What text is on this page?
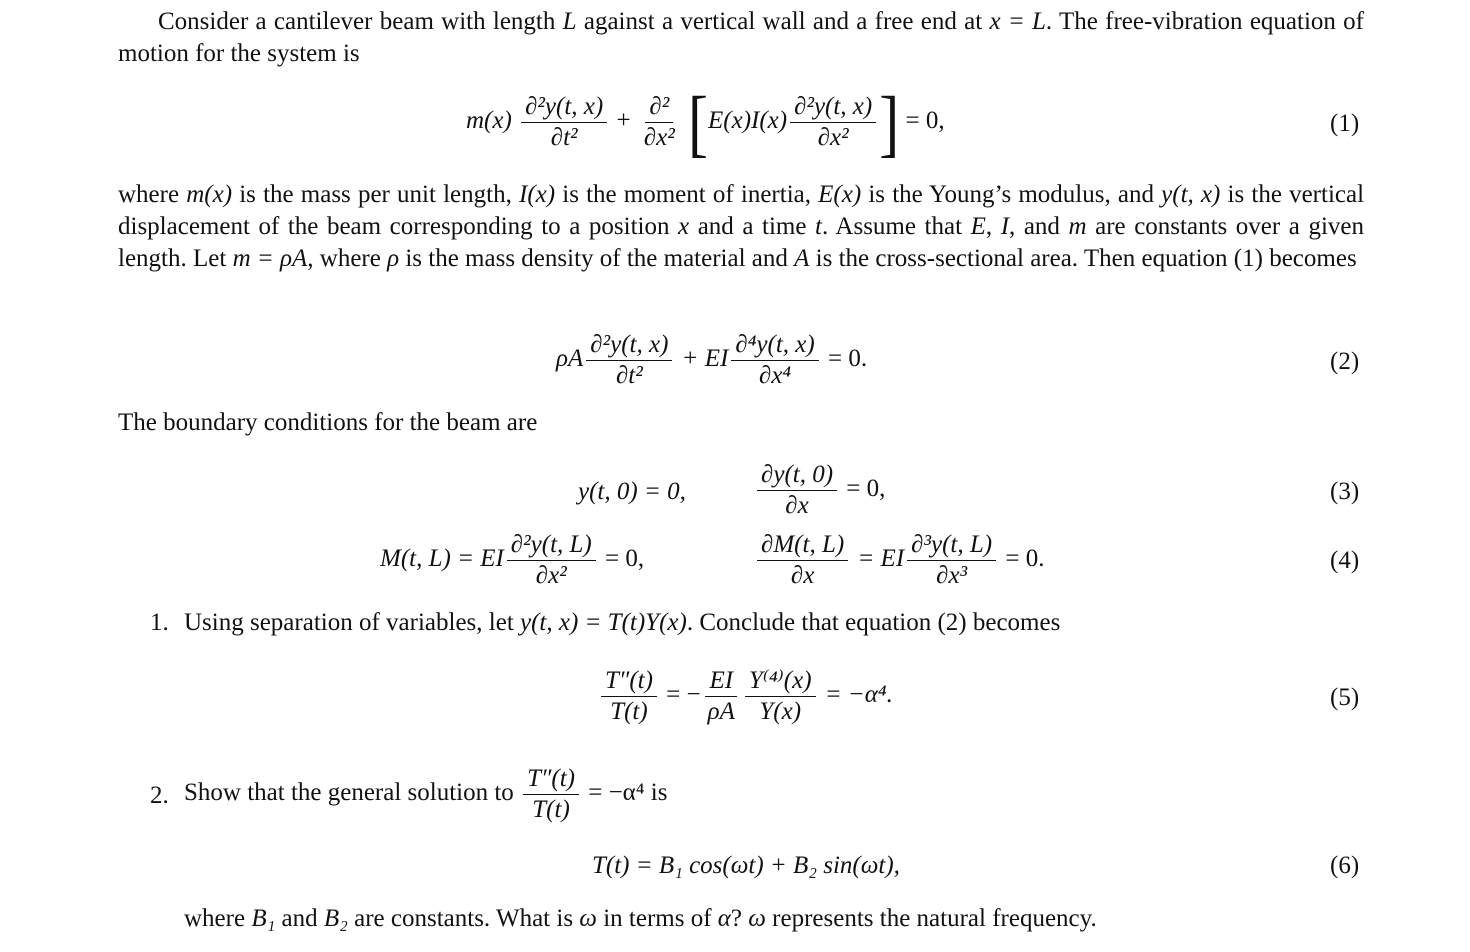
Consider a cantilever beam with length L against a vertical wall and a free end at x = L. The free-vibration equation of motion for the system is

$m(x) \frac{\text{∂²y(t, x)}}{\text{∂t²}} + \frac{\text{∂²}}{\text{∂x²}} [E(x)I(x) \frac{\text{∂²y(t, x)}}{\text{∂x²}}$ ] = 0,	(1)

where m(x) is the mass per unit length, I(x) is the moment of inertia, E(x) is the Young’s modulus, and y(t, x) is the vertical displacement of the beam corresponding to a position x and a time t. Assume that E, I, and m are constants over a given length. Let m = ρA, where ρ is the mass density of the material and A is the cross-sectional area. Then equation (1) becomes

ρA $\frac{\text{∂²y(t, x)}}{\text{∂t²}}$ + EI $\frac{\text{∂⁴y(t, x)}}{\text{∂x⁴}} = 0$.	(2)

The boundary conditions for the beam are

y(t, 0) = 0,	$\frac{\partial y(t, 0)}{\partial x} = 0$,	(3)
M(t, L) = EI $\frac{\text{∂²y(t, L)}}{\text{∂x²}} = 0$,	$\frac{\partial M(t, L)}{\partial x}$ = EI $\frac{\text{∂³y(t, L)}}{\text{∂x³}} = 0$.	(4)
1. Using separation of variables, let y(t, x) = T(t)Y(x). Conclude that equation (2) becomes
$\frac{T''(t)}{T(t)}$ = − $\frac{EI}{\rho A} \frac{\text{Y⁽⁴⁾(x)}}{Y(x)} = -\alpha^4$.	(5)
2. Show that the general solution to $\frac{T''(t)}{T(t)} = -\alpha^4$ is
T(t) = B₁ cos(ωt) + B₂ sin(ωt),	(6)
where B₁ and B₂ are constants. What is ω in terms of α? ω represents the natural frequency.
